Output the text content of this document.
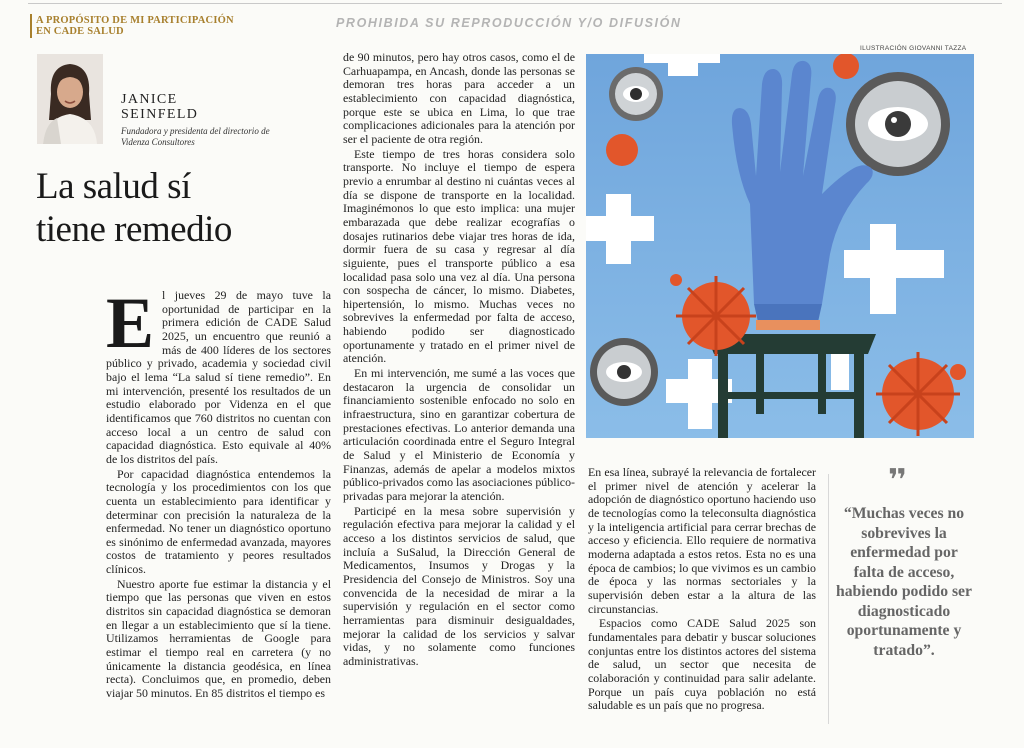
A PROPÓSITO DE MI PARTICIPACIÓN
EN CADE SALUD
PROHIBIDA SU REPRODUCCIÓN Y/O DIFUSIÓN
JANICE
SEINFELD
Fundadora y presidenta del directorio de Videnza Consultores
La salud sí
tiene remedio

El jueves 29 de mayo tuve la oportunidad de participar en la primera edición de CADE Salud 2025, un encuentro que reunió a más de 400 líderes de los sectores público y privado, academia y sociedad civil bajo el lema “La salud sí tiene remedio”. En mi intervención, presenté los resultados de un estudio elaborado por Videnza en el que identificamos que 760 distritos no cuentan con acceso local a un centro de salud con capacidad diagnóstica. Esto equivale al 40% de los distritos del país.

Por capacidad diagnóstica entendemos la tecnología y los procedimientos con los que cuenta un establecimiento para identificar y determinar con precisión la naturaleza de la enfermedad. No tener un diagnóstico oportuno es sinónimo de enfermedad avanzada, mayores costos de tratamiento y peores resultados clínicos.

Nuestro aporte fue estimar la distancia y el tiempo que las personas que viven en estos distritos sin capacidad diagnóstica se demoran en llegar a un establecimiento que sí la tiene. Utilizamos herramientas de Google para estimar el tiempo real en carretera (y no únicamente la distancia geodésica, en línea recta). Concluimos que, en promedio, deben viajar 50 minutos. En 85 distritos el tiempo es

de 90 minutos, pero hay otros casos, como el de Carhuapampa, en Ancash, donde las personas se demoran tres horas para acceder a un establecimiento con capacidad diagnóstica, porque este se ubica en Lima, lo que trae complicaciones adicionales para la atención por ser el paciente de otra región.

Este tiempo de tres horas considera solo transporte. No incluye el tiempo de espera previo a enrumbar al destino ni cuántas veces al día se dispone de transporte en la localidad. Imaginémonos lo que esto implica: una mujer embarazada que debe realizar ecografías o dosajes rutinarios debe viajar tres horas de ida, dormir fuera de su casa y regresar al día siguiente, pues el transporte público a esa localidad pasa solo una vez al día. Una persona con sospecha de cáncer, lo mismo. Diabetes, hipertensión, lo mismo. Muchas veces no sobrevives la enfermedad por falta de acceso, habiendo podido ser diagnosticado oportunamente y tratado en el primer nivel de atención.

En mi intervención, me sumé a las voces que destacaron la urgencia de consolidar un financiamiento sostenible enfocado no solo en infraestructura, sino en garantizar cobertura de prestaciones efectivas. Lo anterior demanda una articulación coordinada entre el Seguro Integral de Salud y el Ministerio de Economía y Finanzas, además de apelar a modelos mixtos público-privados como las asociaciones público-privadas para mejorar la atención.

Participé en la mesa sobre supervisión y regulación efectiva para mejorar la calidad y el acceso a los distintos servicios de salud, que incluía a SuSalud, la Dirección General de Medicamentos, Insumos y Drogas y la Presidencia del Consejo de Ministros. Soy una convencida de la necesidad de mirar a la supervisión y regulación en el sector como herramientas para disminuir desigualdades, mejorar la calidad de los servicios y salvar vidas, y no solamente como funciones administrativas.

ILUSTRACIÓN GIOVANNI TAZZA

En esa línea, subrayé la relevancia de fortalecer el primer nivel de atención y acelerar la adopción de diagnóstico oportuno haciendo uso de tecnologías como la teleconsulta diagnóstica y la inteligencia artificial para cerrar brechas de acceso y eficiencia. Ello requiere de normativa moderna adaptada a estos retos. Esta no es una época de cambios; lo que vivimos es un cambio de época y las normas sectoriales y la supervisión deben estar a la altura de las circunstancias.

Espacios como CADE Salud 2025 son fundamentales para debatir y buscar soluciones conjuntas entre los distintos actores del sistema de salud, un sector que necesita de colaboración y continuidad para salir adelante. Porque un país cuya población no está saludable es un país que no progresa.

❜❜
“Muchas veces no sobrevives la enfermedad por falta de acceso, habiendo podido ser diagnosticado oportunamente y tratado”.
